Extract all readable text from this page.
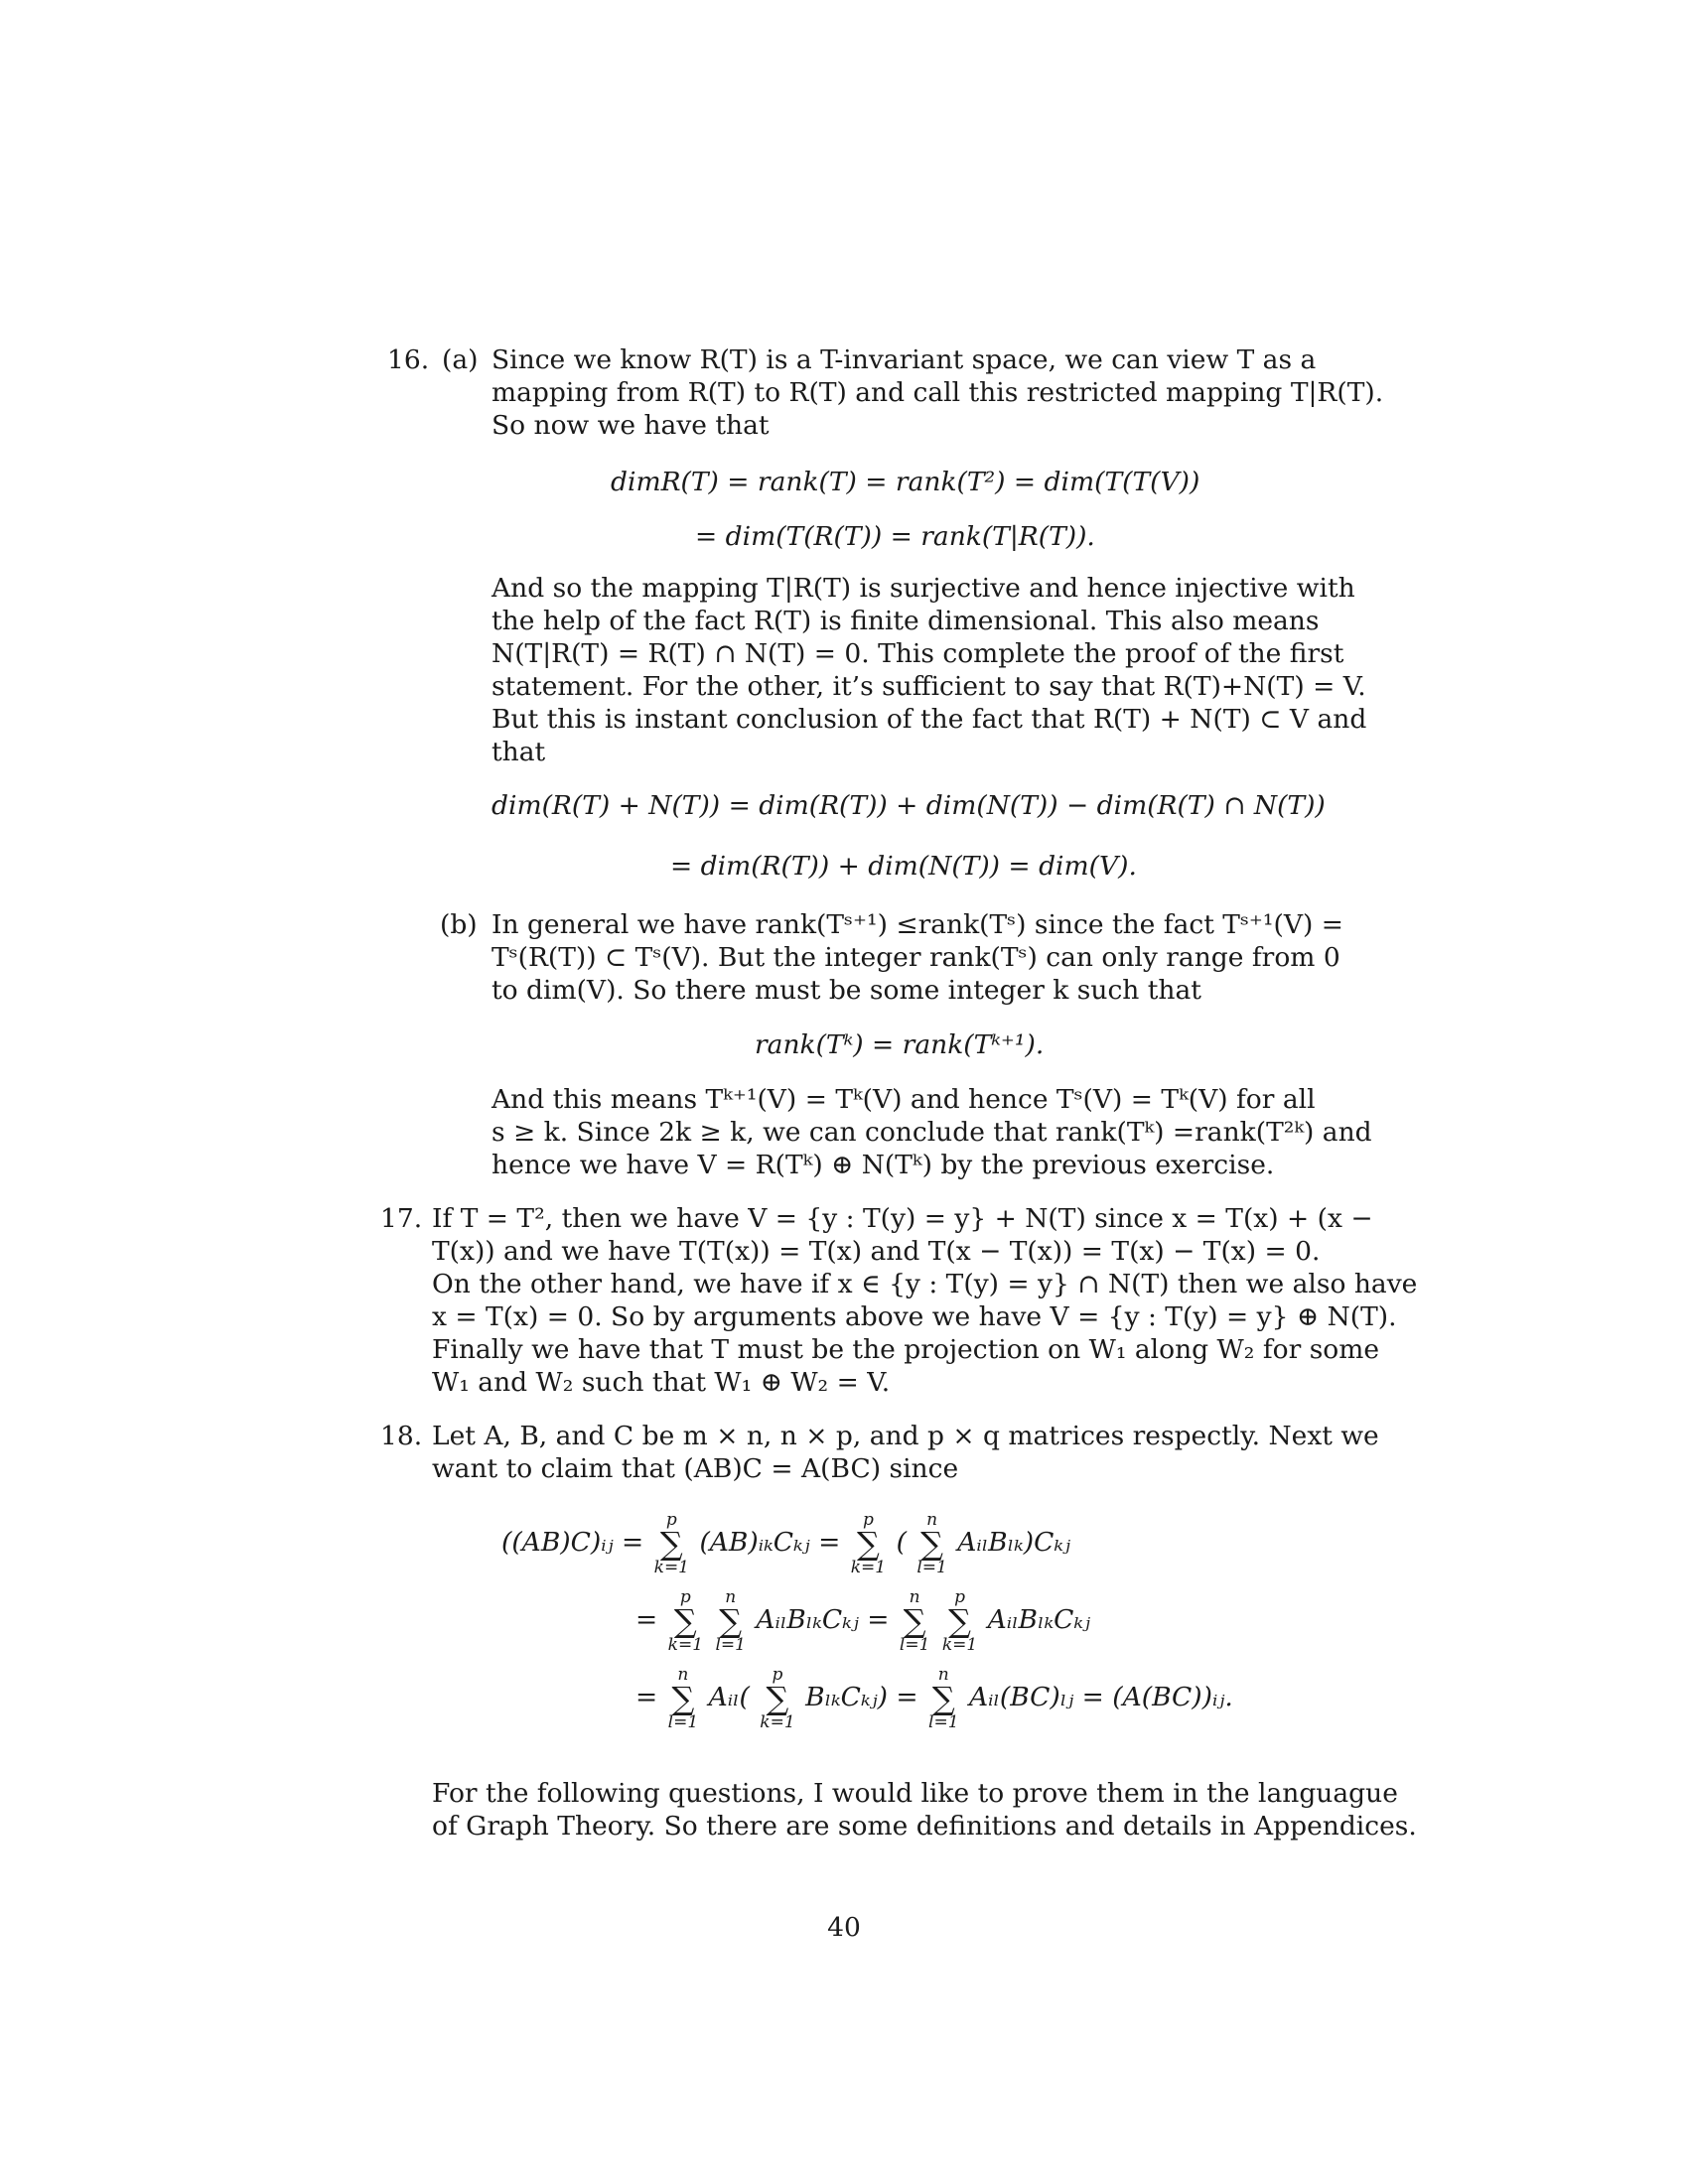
16. (a) Since we know R(T) is a T-invariant space, we can view T as a
mapping from R(T) to R(T) and call this restricted mapping T|R(T).
So now we have that
dimR(T) = rank(T) = rank(T²) = dim(T(T(V))
= dim(T(R(T)) = rank(T|R(T)).
And so the mapping T|R(T) is surjective and hence injective with
the help of the fact R(T) is finite dimensional. This also means
N(T|R(T) = R(T) ∩ N(T) = 0. This complete the proof of the first
statement. For the other, it’s sufficient to say that R(T)+N(T) = V.
But this is instant conclusion of the fact that R(T) + N(T) ⊂ V and
that
dim(R(T) + N(T)) = dim(R(T)) + dim(N(T)) − dim(R(T) ∩ N(T))
= dim(R(T)) + dim(N(T)) = dim(V).
(b) In general we have rank(Tˢ⁺¹) ≤rank(Tˢ) since the fact Tˢ⁺¹(V) =
Tˢ(R(T)) ⊂ Tˢ(V). But the integer rank(Tˢ) can only range from 0
to dim(V). So there must be some integer k such that
rank(Tᵏ) = rank(Tᵏ⁺¹).
And this means Tᵏ⁺¹(V) = Tᵏ(V) and hence Tˢ(V) = Tᵏ(V) for all
s ≥ k. Since 2k ≥ k, we can conclude that rank(Tᵏ) =rank(T²ᵏ) and
hence we have V = R(Tᵏ) ⊕ N(Tᵏ) by the previous exercise.
17. If T = T², then we have V = {y : T(y) = y} + N(T) since x = T(x) + (x −
T(x)) and we have T(T(x)) = T(x) and T(x − T(x)) = T(x) − T(x) = 0.
On the other hand, we have if x ∈ {y : T(y) = y} ∩ N(T) then we also have
x = T(x) = 0. So by arguments above we have V = {y : T(y) = y} ⊕ N(T).
Finally we have that T must be the projection on W₁ along W₂ for some
W₁ and W₂ such that W₁ ⊕ W₂ = V.
18. Let A, B, and C be m × n, n × p, and p × q matrices respectly. Next we
want to claim that (AB)C = A(BC) since
((AB)C)ᵢⱼ =
p
∑
k=1
(AB)ᵢₖCₖⱼ =
p
∑
k=1
(
n
∑
l=1
AᵢₗBₗₖ)Cₖⱼ
=
p
∑
k=1

n
∑
l=1
AᵢₗBₗₖCₖⱼ =
n
∑
l=1

p
∑
k=1
AᵢₗBₗₖCₖⱼ
=
n
∑
l=1
Aᵢₗ(
p
∑
k=1
BₗₖCₖⱼ) =
n
∑
l=1
Aᵢₗ(BC)ₗⱼ = (A(BC))ᵢⱼ.
For the following questions, I would like to prove them in the languague
of Graph Theory. So there are some definitions and details in Appendices.
40
